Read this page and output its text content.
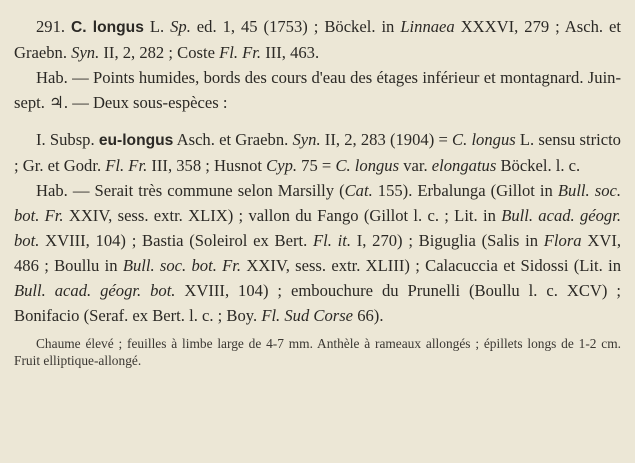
291. C. longus L. Sp. ed. 1, 45 (1753) ; Böckel. in Linnaea XXXVI, 279 ; Asch. et Graebn. Syn. II, 2, 282 ; Coste Fl. Fr. III, 463.

Hab. — Points humides, bords des cours d'eau des étages inférieur et montagnard. Juin-sept. ♃. — Deux sous-espèces :

I. Subsp. eu-longus Asch. et Graebn. Syn. II, 2, 283 (1904) = C. longus L. sensu stricto ; Gr. et Godr. Fl. Fr. III, 358 ; Husnot Cyp. 75 = C. longus var. elongatus Böckel. l. c.

Hab. — Serait très commune selon Marsilly (Cat. 155). Erbalunga (Gillot in Bull. soc. bot. Fr. XXIV, sess. extr. XLIX) ; vallon du Fango (Gillot l. c. ; Lit. in Bull. acad. géogr. bot. XVIII, 104) ; Bastia (Soleirol ex Bert. Fl. it. I, 270) ; Biguglia (Salis in Flora XVI, 486 ; Boullu in Bull. soc. bot. Fr. XXIV, sess. extr. XLIII) ; Calacuccia et Sidossi (Lit. in Bull. acad. géogr. bot. XVIII, 104) ; embouchure du Prunelli (Boullu l. c. XCV) ; Bonifacio (Seraf. ex Bert. l. c. ; Boy. Fl. Sud Corse 66).

Chaume élevé ; feuilles à limbe large de 4-7 mm. Anthèle à rameaux allongés ; épillets longs de 1-2 cm. Fruit elliptique-allongé.
